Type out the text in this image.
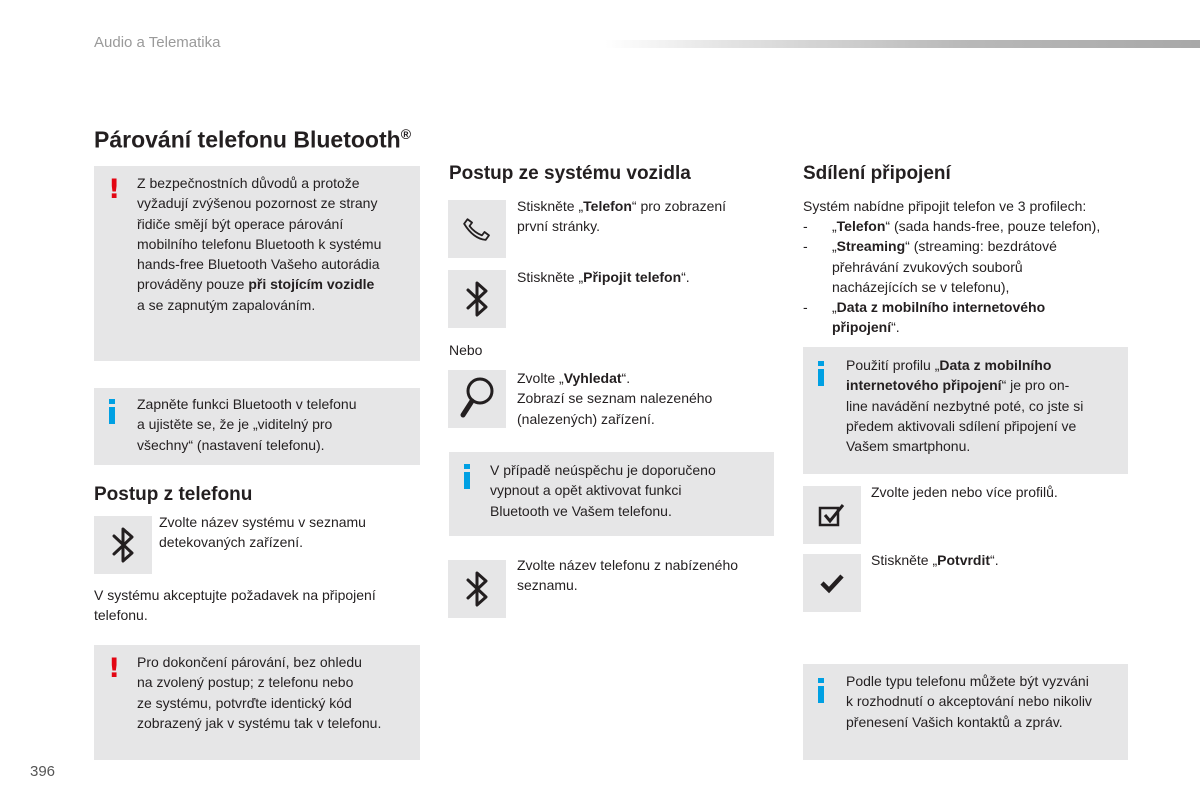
Audio a Telematika
Párování telefonu Bluetooth®
! Z bezpečnostních důvodů a protože
vyžadují zvýšenou pozornost ze strany
řidiče smějí být operace párování
mobilního telefonu Bluetooth k systému
hands-free Bluetooth Vašeho autorádia
prováděny pouze při stojícím vozidle
a se zapnutým zapalováním.
Zapněte funkci Bluetooth v telefonu
a ujistěte se, že je „viditelný pro
všechny“ (nastavení telefonu).
Postup z telefonu
Zvolte název systému v seznamu
detekovaných zařízení.
V systému akceptujte požadavek na připojení
telefonu.
! Pro dokončení párování, bez ohledu
na zvolený postup; z telefonu nebo
ze systému, potvrďte identický kód
zobrazený jak v systému tak v telefonu.
Postup ze systému vozidla
Stiskněte „Telefon“ pro zobrazení
první stránky.
Stiskněte „Připojit telefon“.
Nebo
Zvolte „Vyhledat“.
Zobrazí se seznam nalezeného
(nalezených) zařízení.
V případě neúspěchu je doporučeno
vypnout a opět aktivovat funkci
Bluetooth ve Vašem telefonu.
Zvolte název telefonu z nabízeného
seznamu.
Sdílení připojení
Systém nabídne připojit telefon ve 3 profilech:
- „Telefon“ (sada hands-free, pouze telefon),
- „Streaming“ (streaming: bezdrátové
přehrávání zvukových souborů
nacházejících se v telefonu),
- „Data z mobilního internetového
připojení“.
Použití profilu „Data z mobilního
internetového připojení“ je pro on-
line navádění nezbytné poté, co jste si
předem aktivovali sdílení připojení ve
Vašem smartphonu.
Zvolte jeden nebo více profilů.
Stiskněte „Potvrdit“.
Podle typu telefonu můžete být vyzváni
k rozhodnutí o akceptování nebo nikoliv
přenesení Vašich kontaktů a zpráv.
396
